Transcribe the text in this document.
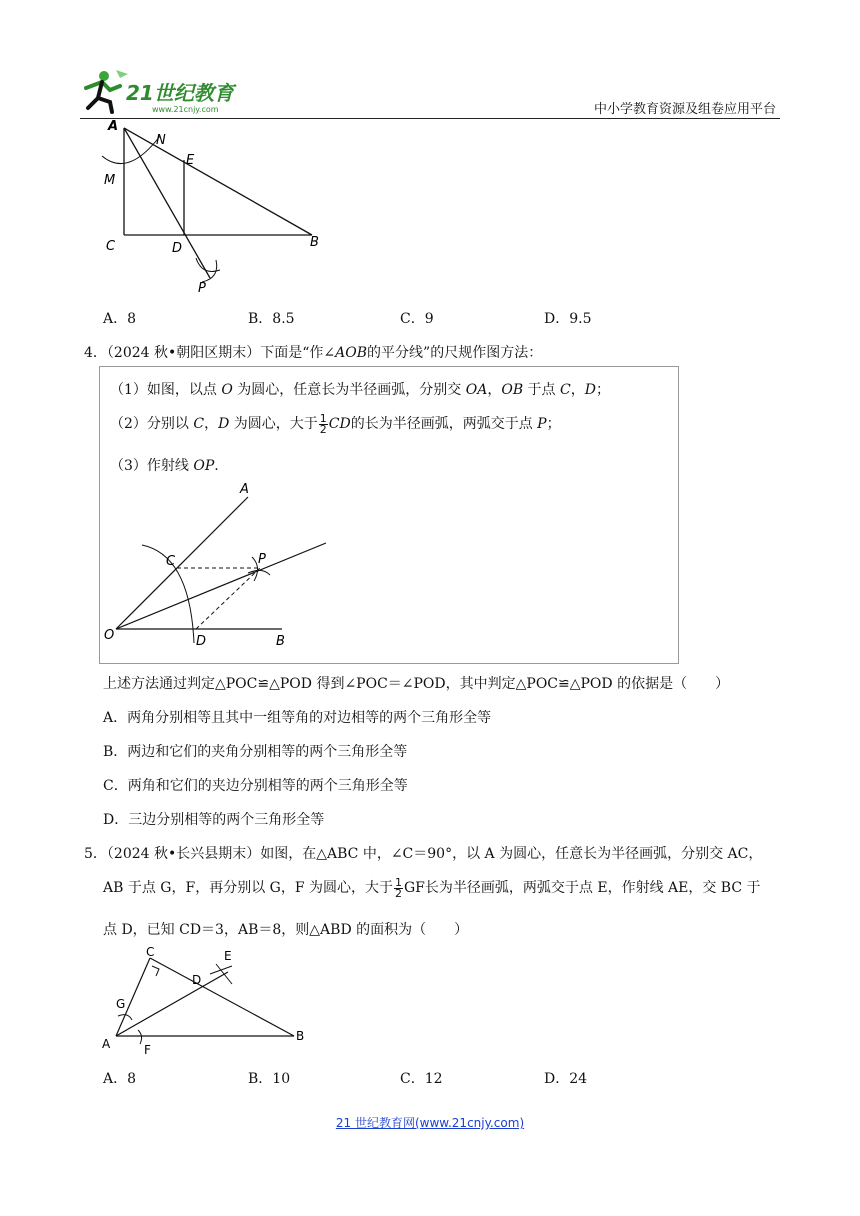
21世纪教育
www.21cnjy.com	中小学教育资源及组卷应用平台
A
N
M
E
C	D	B
P
A．8	B．8.5	C．9	D．9.5
4．（2024 秋•朝阳区期末）下面是“作∠AOB的平分线”的尺规作图方法：
（1）如图，以点 O 为圆心，任意长为半径画弧，分别交 OA，OB 于点 C，D；
（2）分别以 C，D 为圆心，大于 $\frac{1}{2}$ CD的长为半径画弧，两弧交于点 P；
（3）作射线 OP.
A
C	P
O	D	B
上述方法通过判定△POC≌△POD 得到∠POC＝∠POD，其中判定△POC≌△POD 的依据是（　　）
A．两角分别相等且其中一组等角的对边相等的两个三角形全等
B．两边和它们的夹角分别相等的两个三角形全等
C．两角和它们的夹边分别相等的两个三角形全等
D．三边分别相等的两个三角形全等
5．（2024 秋•长兴县期末）如图，在△ABC 中，∠C＝90°，以 A 为圆心，任意长为半径画弧，分别交 AC，
AB 于点 G，F，再分别以 G，F 为圆心，大于 $\frac{1}{2}$ GF长为半径画弧，两弧交于点 E，作射线 AE，交 BC 于
点 D，已知 CD＝3，AB＝8，则△ABD 的面积为（　　）
C	E
D
G
A	F
B
A．8	B．10	C．12	D．24
21 世纪教育网(www.21cnjy.com)
